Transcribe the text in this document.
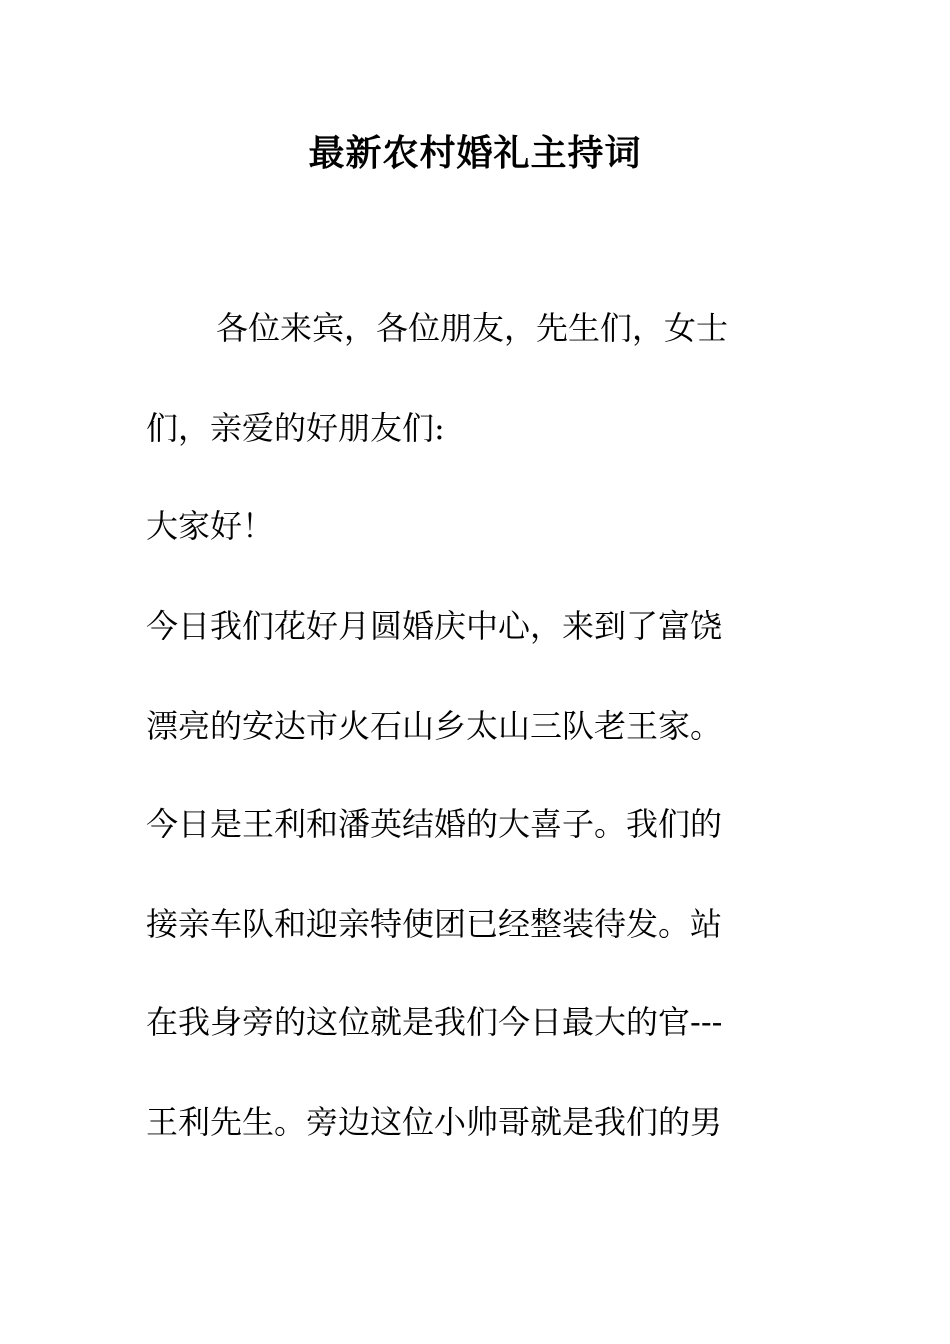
最新农村婚礼主持词

各位来宾，各位朋友，先生们，女士

们，亲爱的好朋友们:

大家好！

今日我们花好月圆婚庆中心，来到了富饶

漂亮的安达市火石山乡太山三队老王家。

今日是王利和潘英结婚的大喜子。我们的

接亲车队和迎亲特使团已经整装待发。站

在我身旁的这位就是我们今日最大的官---

王利先生。旁边这位小帅哥就是我们的男
